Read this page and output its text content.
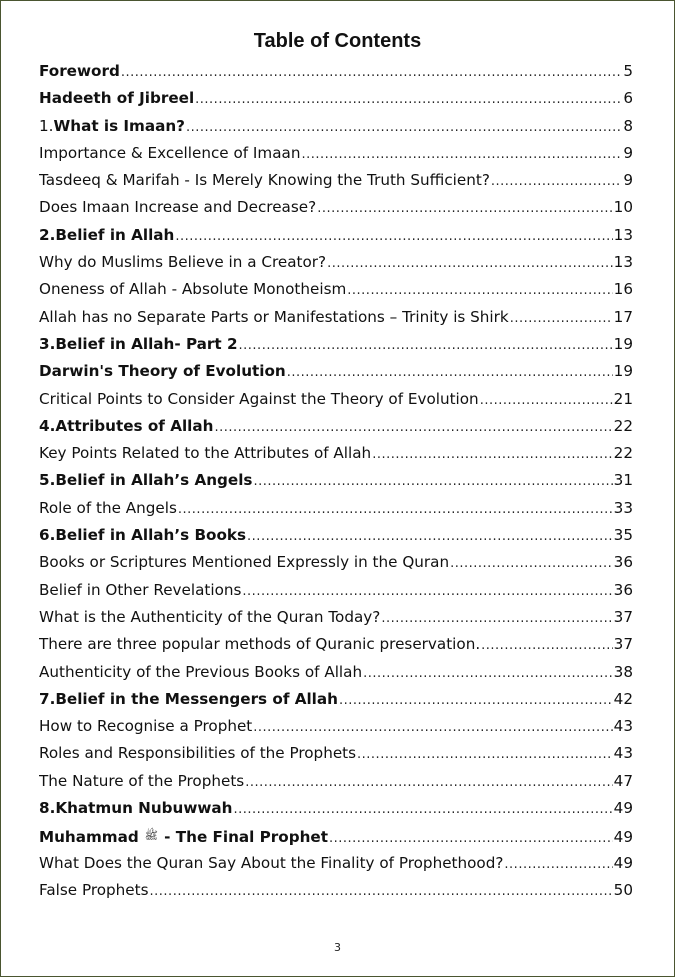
Table of Contents
Foreword .....	5
Hadeeth of Jibreel .....	6
1.What is Imaan? .....	8
Importance & Excellence of Imaan .....	9
Tasdeeq & Marifah - Is Merely Knowing the Truth Sufficient? .....	9
Does Imaan Increase and Decrease? .....	10
2.Belief in Allah .....	13
Why do Muslims Believe in a Creator? .....	13
Oneness of Allah - Absolute Monotheism .....	16
Allah has no Separate Parts or Manifestations – Trinity is Shirk .....	17
3.Belief in Allah- Part 2 .....	19
Darwin's Theory of Evolution .....	19
Critical Points to Consider Against the Theory of Evolution .....	21
4.Attributes of Allah .....	22
Key Points Related to the Attributes of Allah .....	22
5.Belief in Allah’s Angels .....	31
Role of the Angels .....	33
6.Belief in Allah’s Books .....	35
Books or Scriptures Mentioned Expressly in the Quran .....	36
Belief in Other Revelations .....	36
What is the Authenticity of the Quran Today? .....	37
There are three popular methods of Quranic preservation. .....	37
Authenticity of the Previous Books of Allah .....	38
7.Belief in the Messengers of Allah .....	42
How to Recognise a Prophet .....	43
Roles and Responsibilities of the Prophets .....	43
The Nature of the Prophets .....	47
8.Khatmun Nubuwwah .....	49
Muhammad ﷺ - The Final Prophet .....	49
What Does the Quran Say About the Finality of Prophethood? .....	49
False Prophets .....	50
3
